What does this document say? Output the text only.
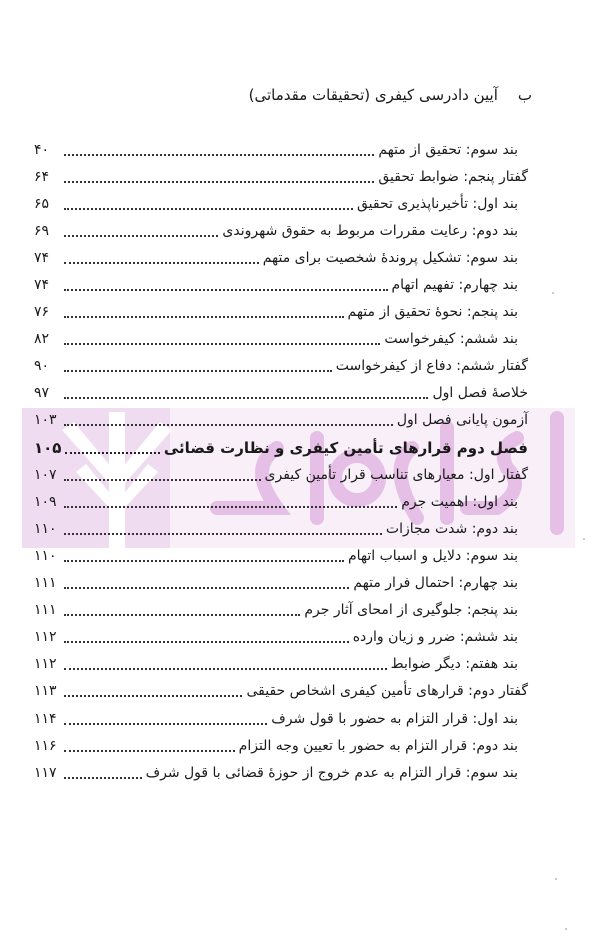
ب
آیین دادرسی کیفری (تحقیقات مقدماتی)
بند سوم: تحقیق از متهم
۴۰
گفتار پنجم: ضوابط تحقیق
۶۴
بند اول: تأخیرناپذیری تحقیق
۶۵
بند دوم: رعایت مقررات مربوط به حقوق شهروندی
۶۹
بند سوم: تشکیل پروندهٔ شخصیت برای متهم
۷۴
بند چهارم: تفهیم اتهام
۷۴
بند پنجم: نحوهٔ تحقیق از متهم
۷۶
بند ششم: کیفرخواست
۸۲
گفتار ششم: دفاع از کیفرخواست
۹۰
خلاصهٔ فصل اول
۹۷
آزمون پایانی فصل اول
۱۰۳
فصل دوم قرارهای تأمین کیفری و نظارت قضائی
۱۰۵
گفتار اول: معیارهای تناسب قرار تأمین کیفری
۱۰۷
بند اول: اهمیت جرم
۱۰۹
بند دوم: شدت مجازات
۱۱۰
بند سوم: دلایل و اسباب اتهام
۱۱۰
بند چهارم: احتمال فرار متهم
۱۱۱
بند پنجم: جلوگیری از امحای آثار جرم
۱۱۱
بند ششم: ضرر و زیان وارده
۱۱۲
بند هفتم: دیگر ضوابط
۱۱۲
گفتار دوم: قرارهای تأمین کیفری اشخاص حقیقی
۱۱۳
بند اول: قرار التزام به حضور با قول شرف
۱۱۴
بند دوم: قرار التزام به حضور با تعیین وجه التزام
۱۱۶
بند سوم: قرار التزام به عدم خروج از حوزهٔ قضائی با قول شرف
۱۱۷
